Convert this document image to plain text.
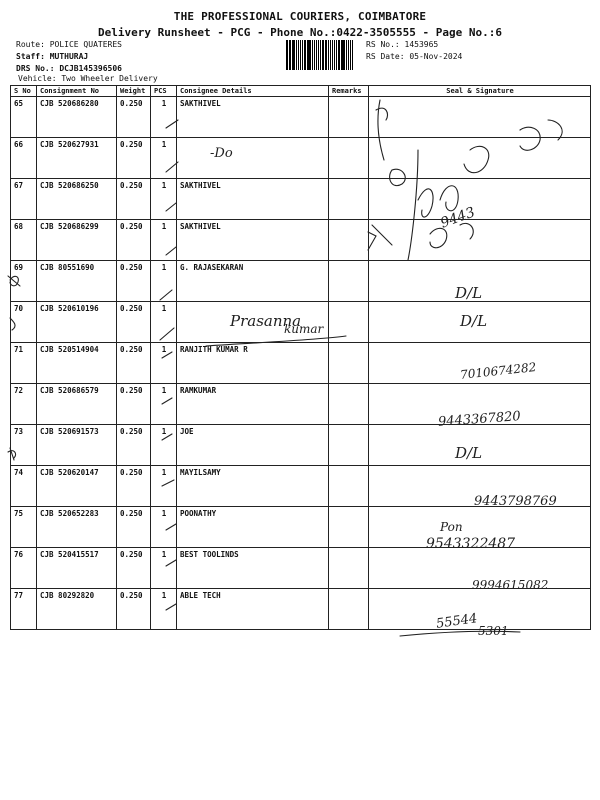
THE PROFESSIONAL COURIERS, COIMBATORE
Delivery Runsheet - PCG - Phone No.:0422-3505555 - Page No.:6
Route: POLICE QUATERES
Staff: MUTHURAJ
DRS No.: DCJB145396506
Vehicle: Two Wheeler Delivery
RS No.: 1453965
RS Date: 05-Nov-2024
S No	Consignment No	Weight	PCS	Consignee Details	Remarks	Seal & Signature
65	CJB 520686280	0.250	1	SAKTHIVEL		
66	CJB 520627931	0.250	1			
67	CJB 520686250	0.250	1	SAKTHIVEL		
68	CJB 520686299	0.250	1	SAKTHIVEL		
69	CJB 80551690	0.250	1	G. RAJASEKARAN		
70	CJB 520610196	0.250	1			
71	CJB 520514904	0.250	1	RANJITH KUMAR R		
72	CJB 520686579	0.250	1	RAMKUMAR		
73	CJB 520691573	0.250	1	JOE		
74	CJB 520620147	0.250	1	MAYILSAMY		
75	CJB 520652283	0.250	1	POONATHY		
76	CJB 520415517	0.250	1	BEST TOOLINDS		
77	CJB 80292820	0.250	1	ABLE TECH		
-Do
Prasanna
kumar
D/L
D/L
D/L
9443
7010674282
9443367820
9443798769
Pon
9543322487
9994615082
55544 5301
